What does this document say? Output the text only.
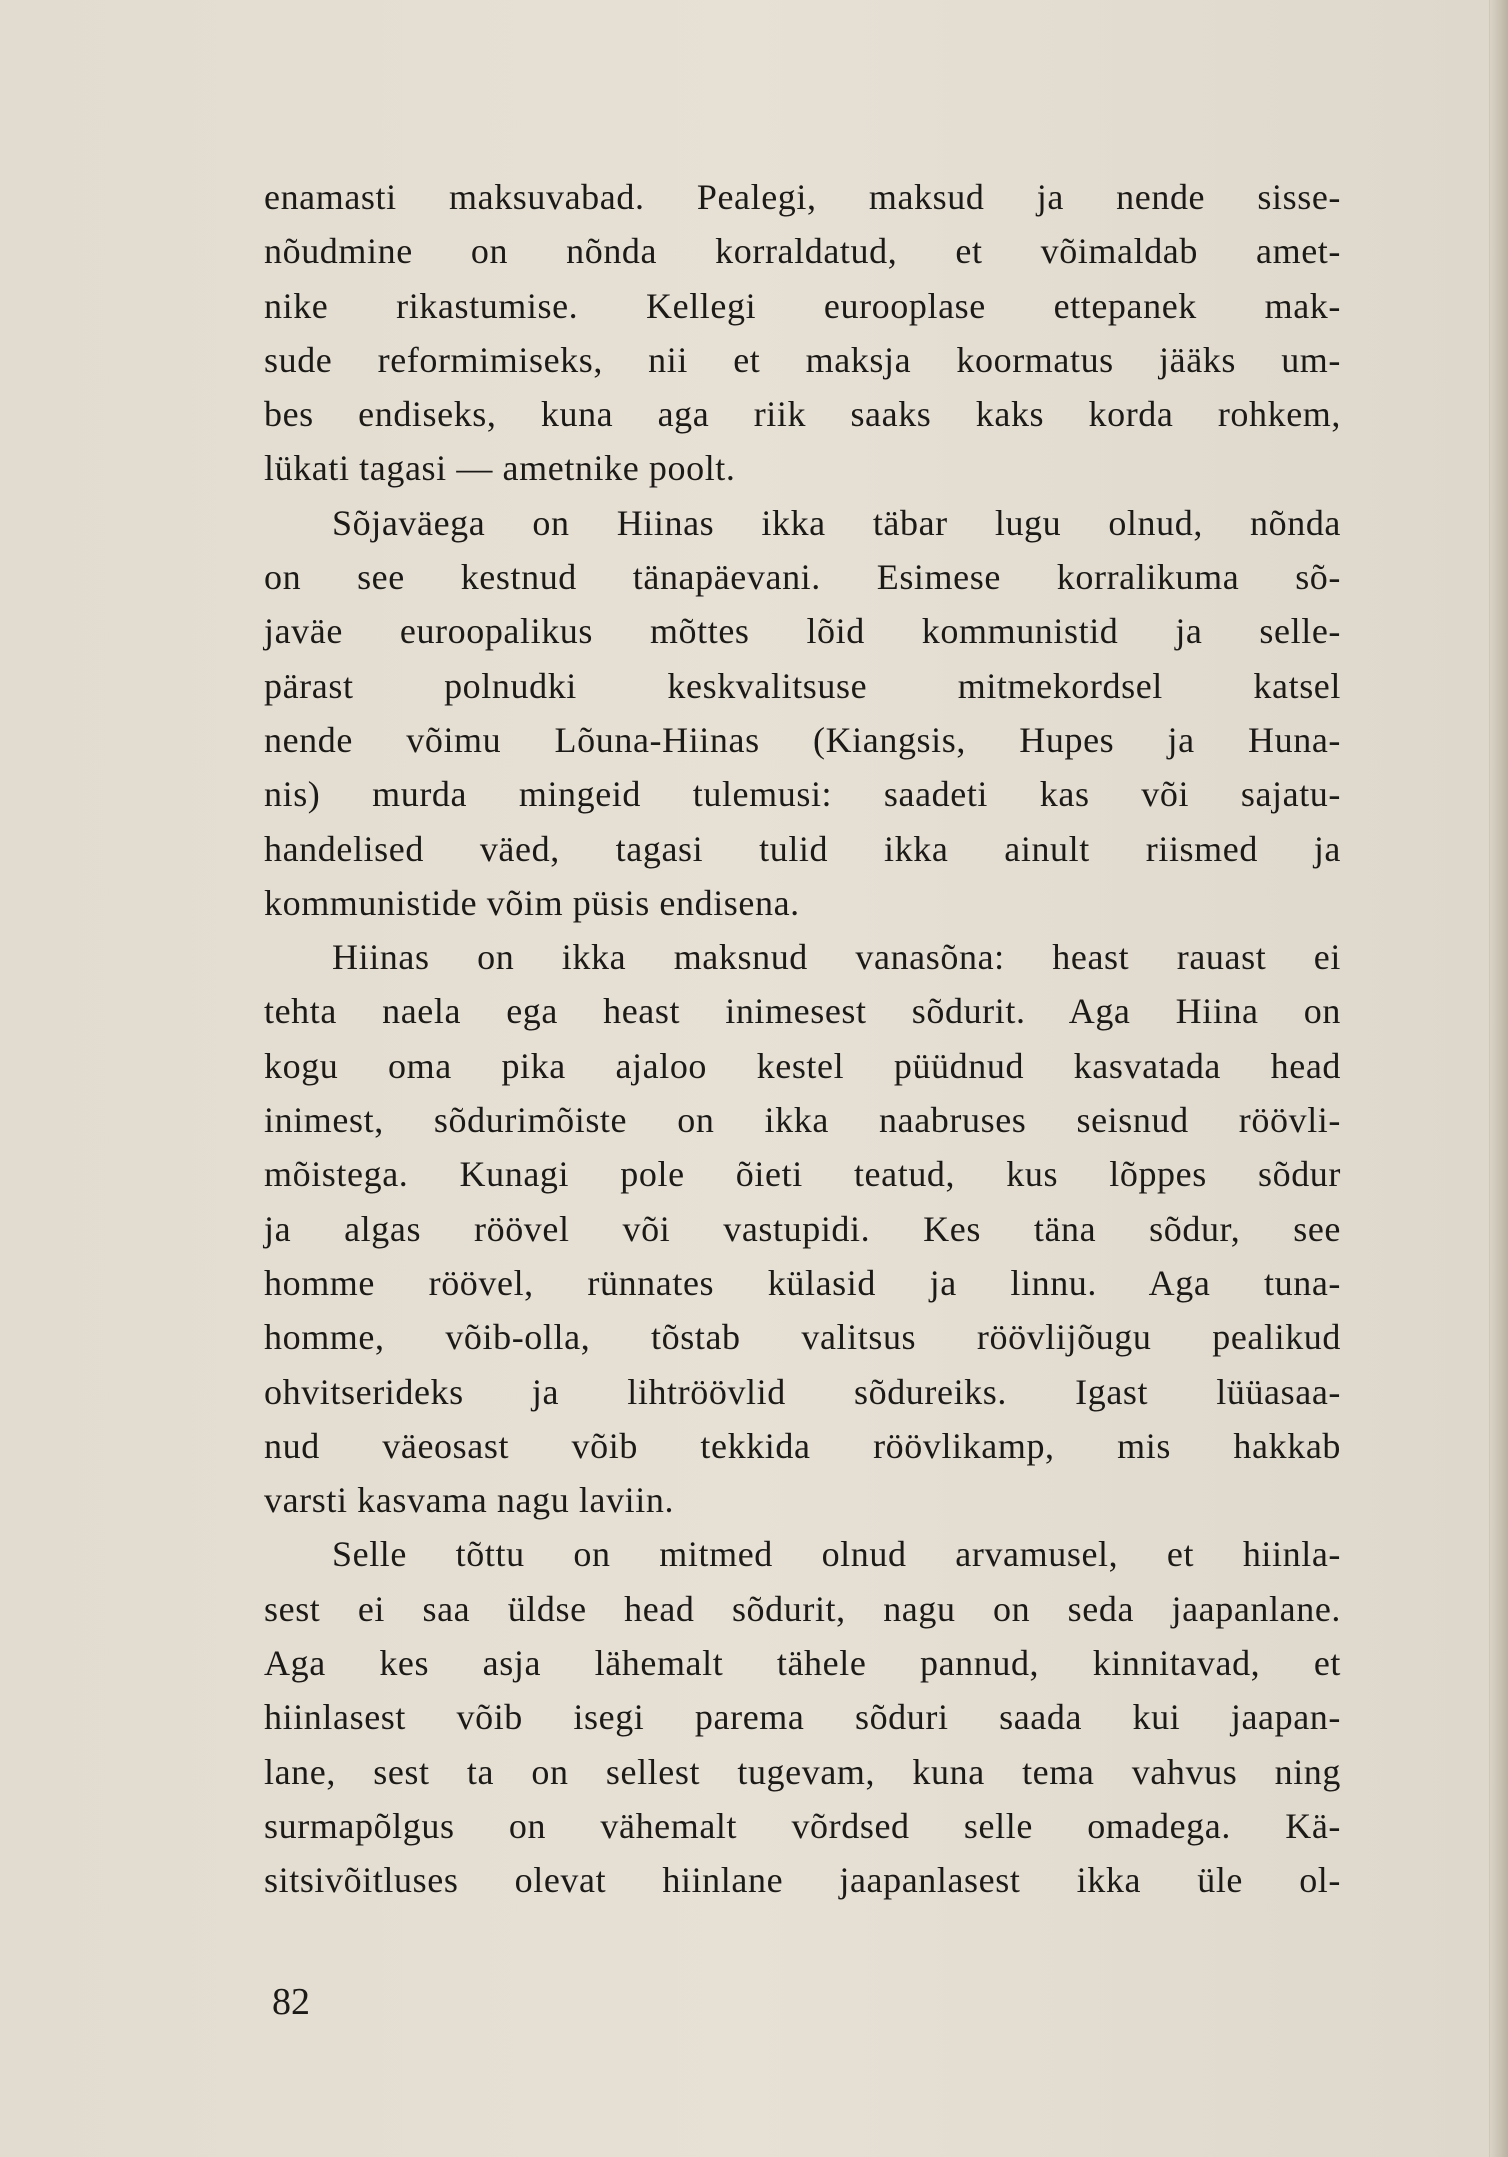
enamasti maksuvabad. Pealegi, maksud ja nende sisse-
nõudmine on nõnda korraldatud, et võimaldab amet-
nike rikastumise. Kellegi eurooplase ettepanek mak-
sude reformimiseks, nii et maksja koormatus jääks um-
bes endiseks, kuna aga riik saaks kaks korda rohkem,
lükati tagasi — ametnike poolt.
Sõjaväega on Hiinas ikka täbar lugu olnud, nõnda
on see kestnud tänapäevani. Esimese korralikuma sõ-
javäe euroopalikus mõttes lõid kommunistid ja selle-
pärast polnudki keskvalitsuse mitmekordsel katsel
nende võimu Lõuna-Hiinas (Kiangsis, Hupes ja Huna-
nis) murda mingeid tulemusi: saadeti kas või sajatu-
handelised väed, tagasi tulid ikka ainult riismed ja
kommunistide võim püsis endisena.
Hiinas on ikka maksnud vanasõna: heast rauast ei
tehta naela ega heast inimesest sõdurit. Aga Hiina on
kogu oma pika ajaloo kestel püüdnud kasvatada head
inimest, sõdurimõiste on ikka naabruses seisnud röövli-
mõistega. Kunagi pole õieti teatud, kus lõppes sõdur
ja algas röövel või vastupidi. Kes täna sõdur, see
homme röövel, rünnates külasid ja linnu. Aga tuna-
homme, võib-olla, tõstab valitsus röövlijõugu pealikud
ohvitserideks ja lihtröövlid sõdureiks. Igast lüüasaa-
nud väeosast võib tekkida röövlikamp, mis hakkab
varsti kasvama nagu laviin.
Selle tõttu on mitmed olnud arvamusel, et hiinla-
sest ei saa üldse head sõdurit, nagu on seda jaapanlane.
Aga kes asja lähemalt tähele pannud, kinnitavad, et
hiinlasest võib isegi parema sõduri saada kui jaapan-
lane, sest ta on sellest tugevam, kuna tema vahvus ning
surmapõlgus on vähemalt võrdsed selle omadega. Kä-
sitsivõitluses olevat hiinlane jaapanlasest ikka üle ol-
82
